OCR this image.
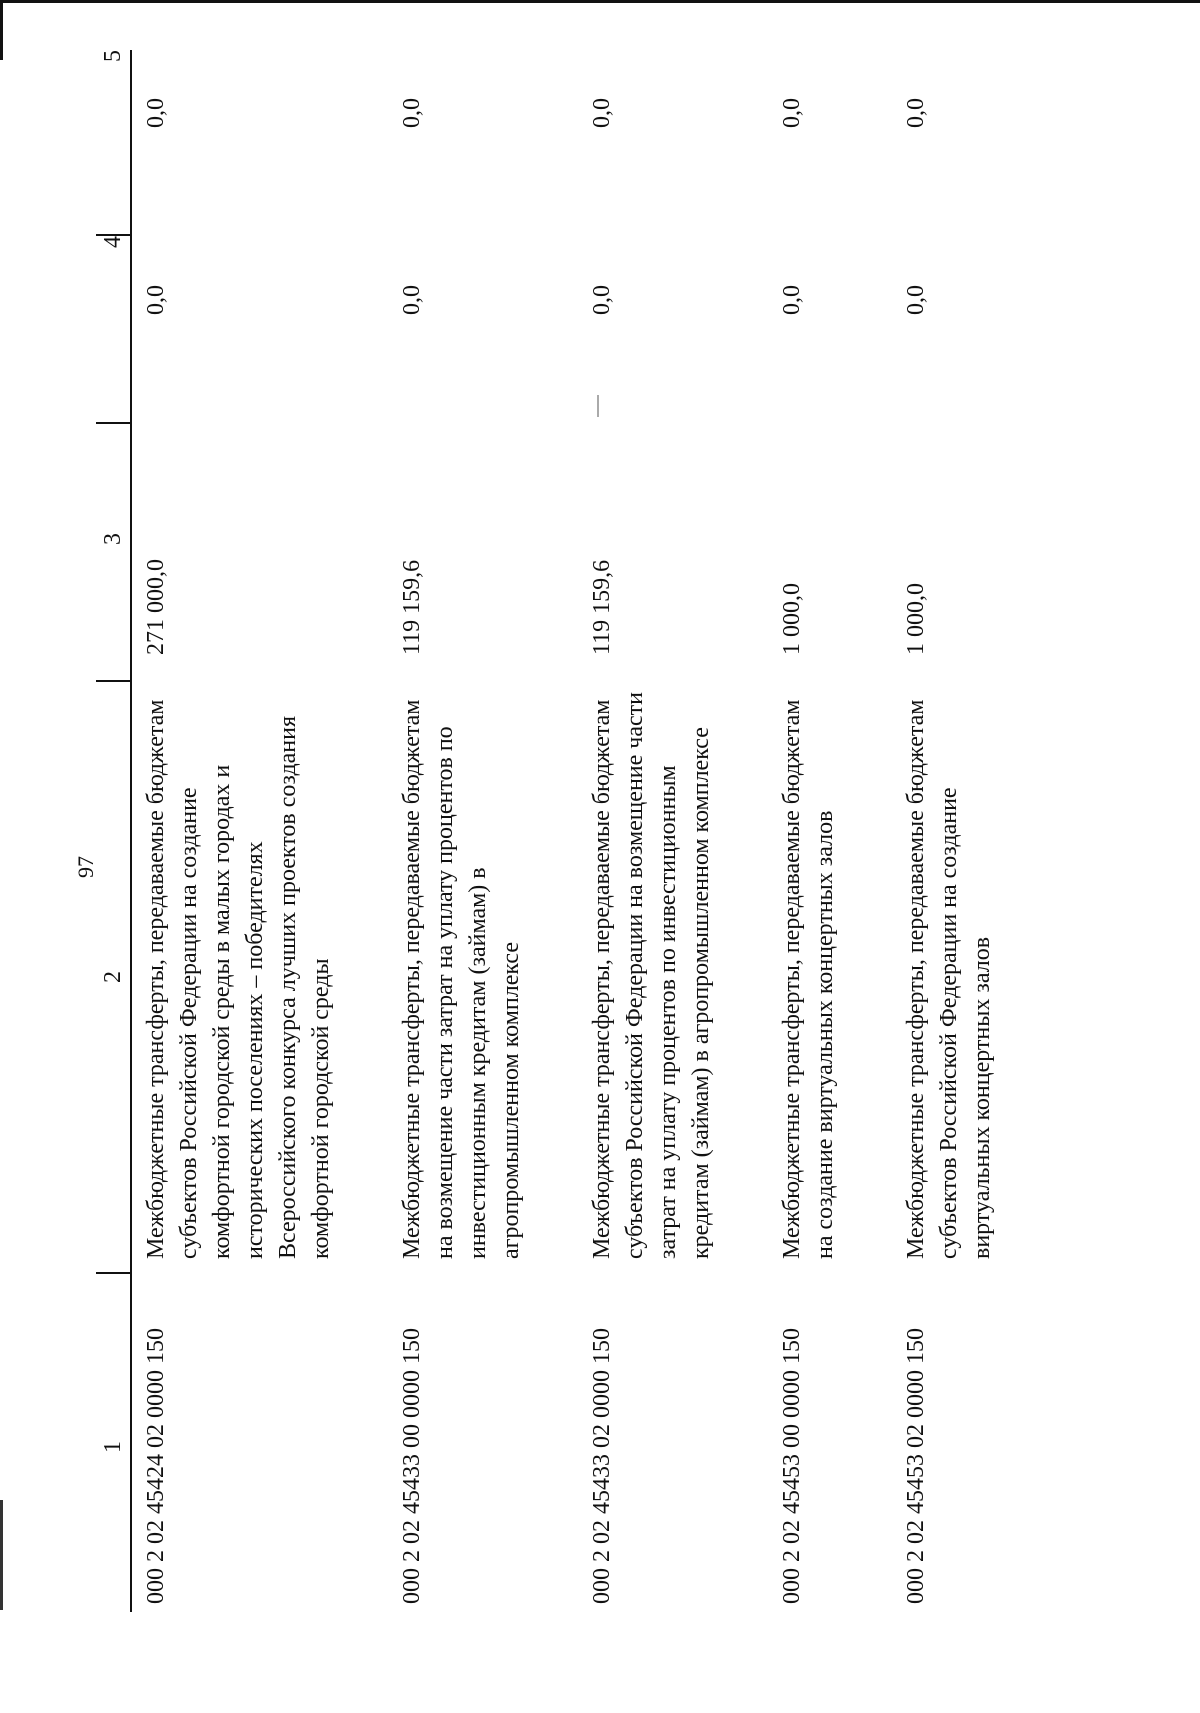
97
1	2	3	4	5
000 2 02 45424 02 0000 150	Межбюджетные трансферты, передаваемые бюджетам субъектов Российской Федерации на создание комфортной городской среды в малых городах и исторических поселениях – победителях Всероссийского конкурса лучших проектов создания комфортной городской среды	271 000,0	0,0	0,0
000 2 02 45433 00 0000 150	Межбюджетные трансферты, передаваемые бюджетам на возмещение части затрат на уплату процентов по инвестиционным кредитам (займам) в агропромышленном комплексе	119 159,6	0,0	0,0
000 2 02 45433 02 0000 150	Межбюджетные трансферты, передаваемые бюджетам субъектов Российской Федерации на возмещение части затрат на уплату процентов по инвестиционным кредитам (займам) в агропромышленном комплексе	119 159,6	0,0	0,0
000 2 02 45453 00 0000 150	Межбюджетные трансферты, передаваемые бюджетам на создание виртуальных концертных залов	1 000,0	0,0	0,0
000 2 02 45453 02 0000 150	Межбюджетные трансферты, передаваемые бюджетам субъектов Российской Федерации на создание виртуальных концертных залов	1 000,0	0,0	0,0
